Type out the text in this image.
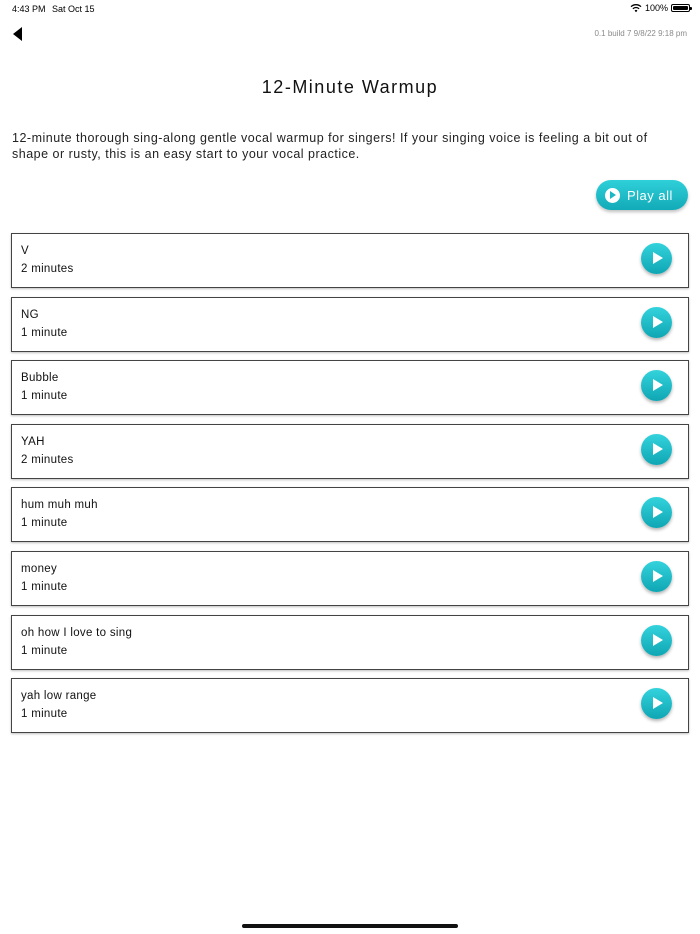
4:43 PM Sat Oct 15	100%
0.1 build 7 9/8/22 9:18 pm
12-Minute Warmup

12-minute thorough sing-along gentle vocal warmup for singers! If your singing voice is feeling a bit out of shape or rusty, this is an easy start to your vocal practice.

Play all
V
2 minutes
NG
1 minute
Bubble
1 minute
YAH
2 minutes
hum muh muh
1 minute
money
1 minute
oh how I love to sing
1 minute
yah low range
1 minute
